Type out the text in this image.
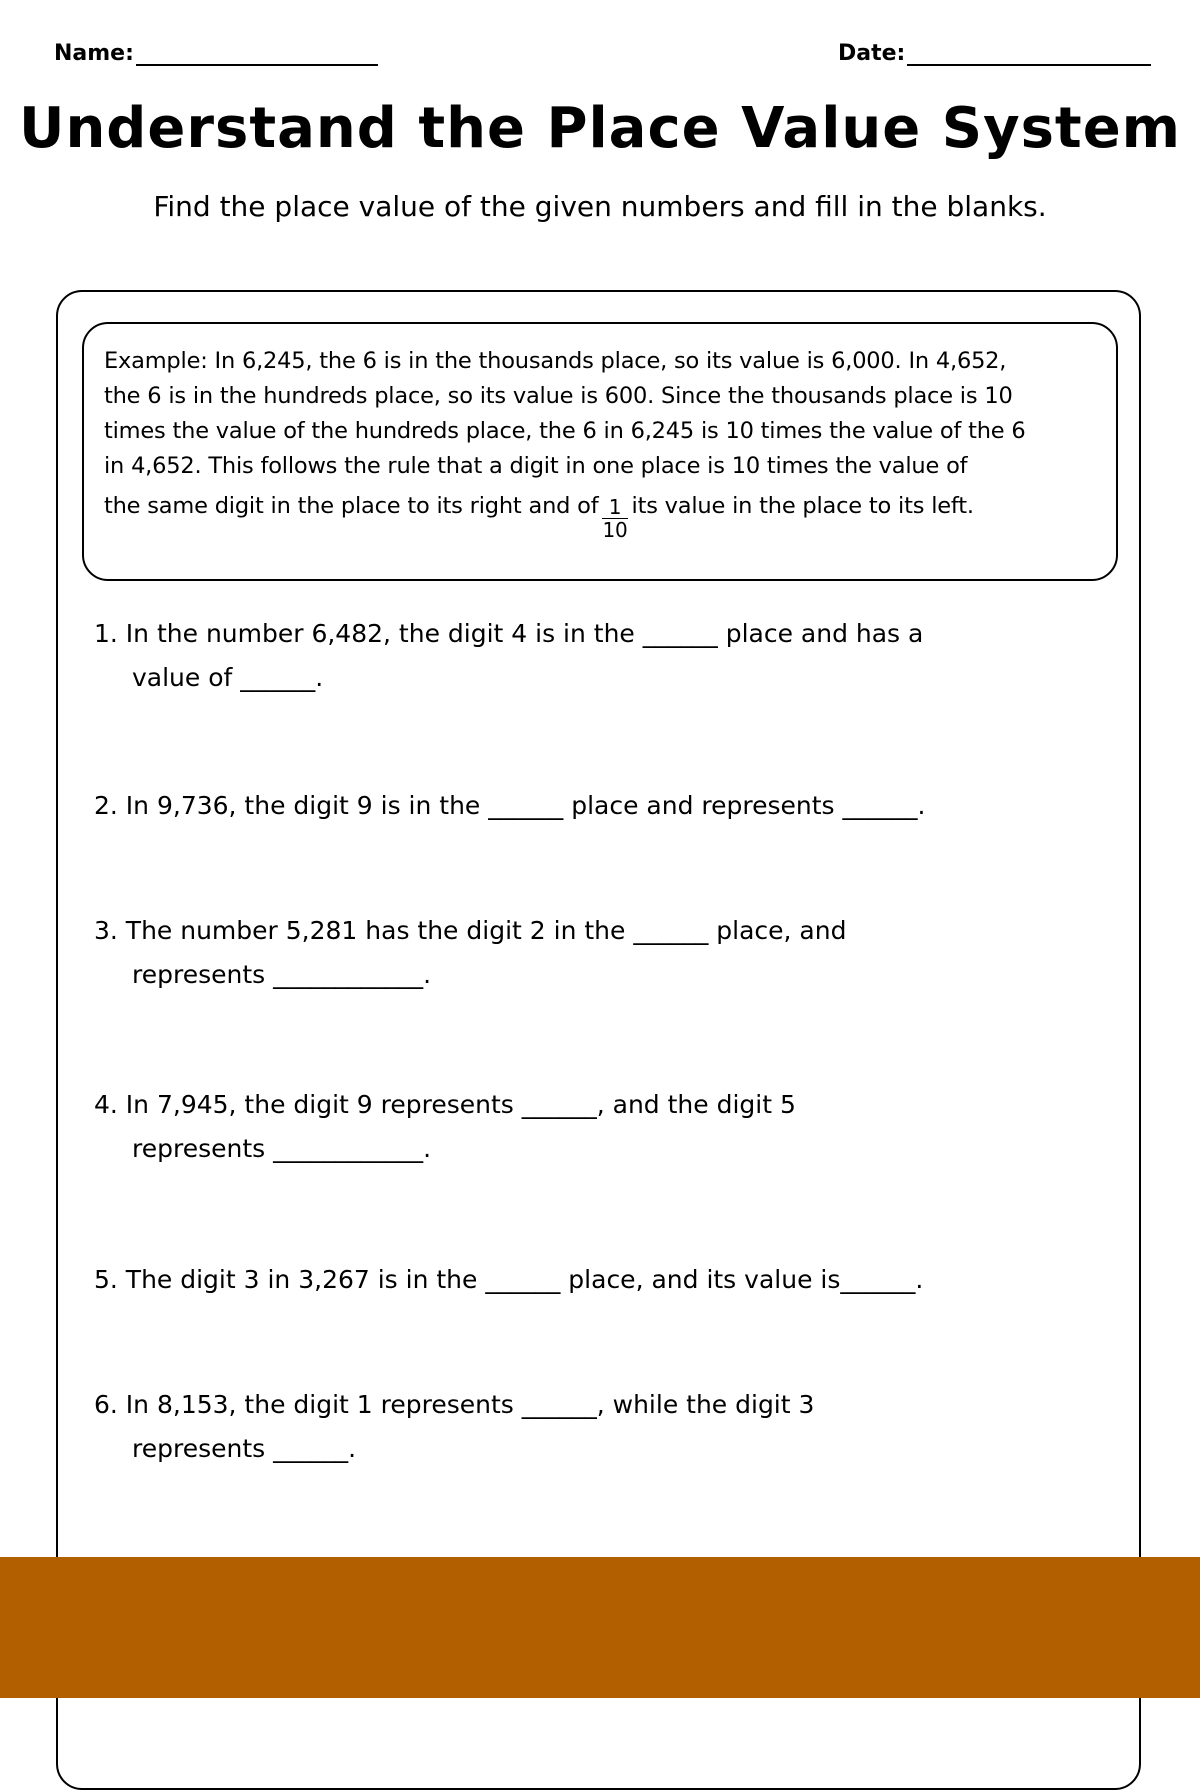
Name:	Date:
Understand the Place Value System

Find the place value of the given numbers and fill in the blanks.

Example: In 6,245, the 6 is in the thousands place, so its value is 6,000. In 4,652,

the 6 is in the hundreds place, so its value is 600. Since the thousands place is 10

times the value of the hundreds place, the 6 in 6,245 is 10 times the value of the 6

in 4,652. This follows the rule that a digit in one place is 10 times the value of

the same digit in the place to its right and of $\frac{1}{10}$ its value in the place to its left.

1. In the number 6,482, the digit 4 is in the ______ place and has a
value of ______.

2. In 9,736, the digit 9 is in the ______ place and represents ______.

3. The number 5,281 has the digit 2 in the ______ place, and
represents ____________.

4. In 7,945, the digit 9 represents ______, and the digit 5
represents ____________.

5. The digit 3 in 3,267 is in the ______ place, and its value is______.

6. In 8,153, the digit 1 represents ______, while the digit 3
represents ______.
